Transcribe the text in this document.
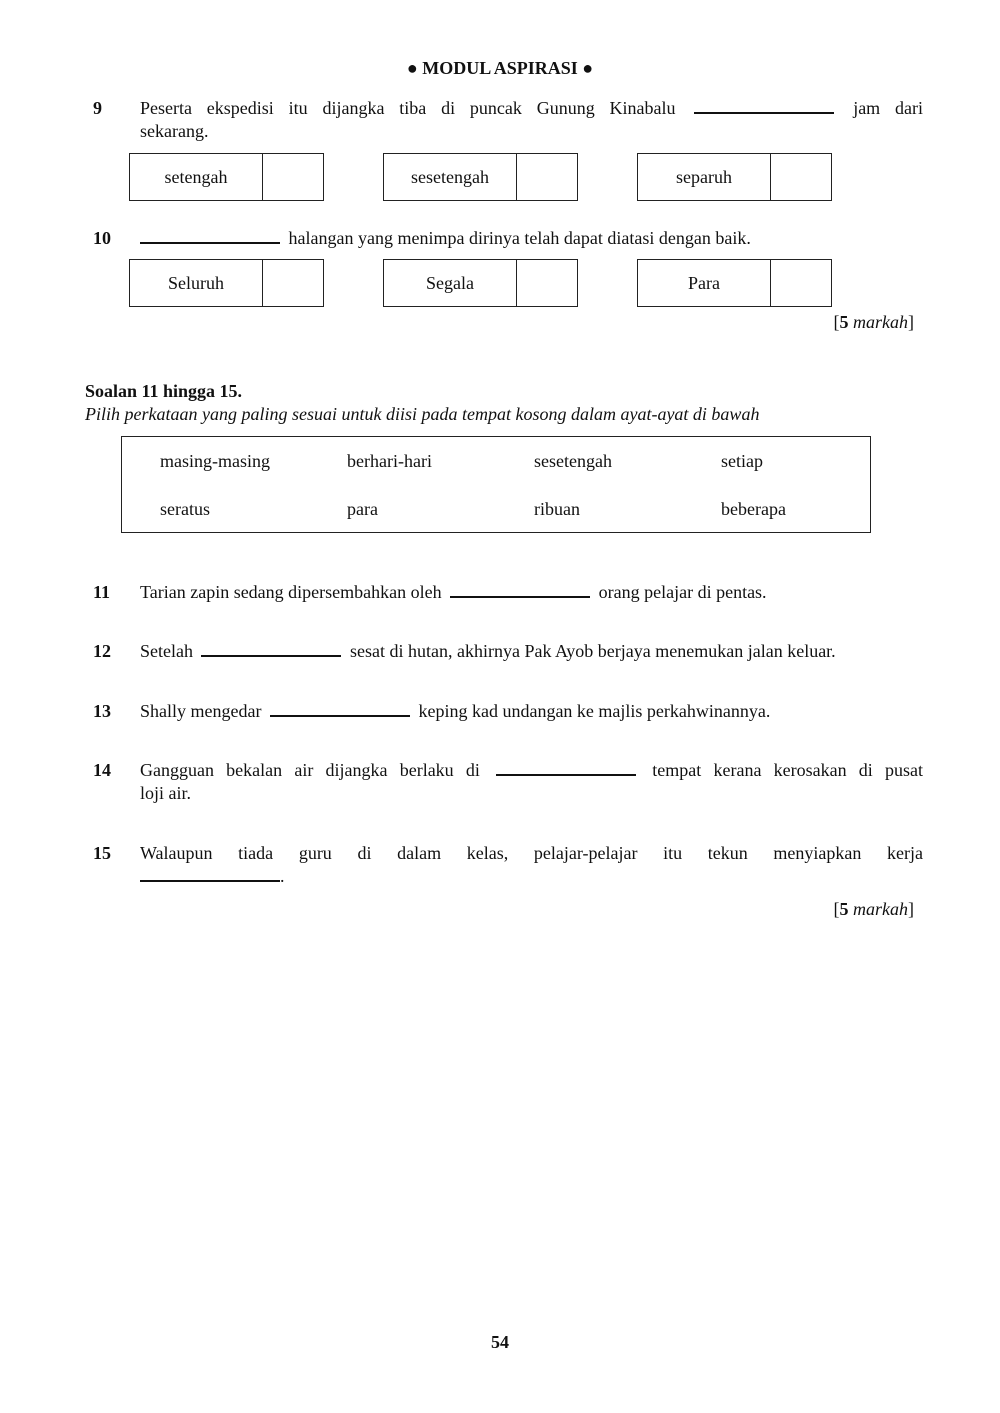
● MODUL ASPIRASI ●
9 Peserta ekspedisi itu dijangka tiba di puncak Gunung Kinabalu	jam dari
sekarang.
setengah	sesetengah	separuh
10	halangan yang menimpa dirinya telah dapat diatasi dengan baik.
Seluruh	Segala	Para
[5 markah]
Soalan 11 hingga 15.
Pilih perkataan yang paling sesuai untuk diisi pada tempat kosong dalam ayat-ayat di bawah
masing-masing	berhari-hari	sesetengah	setiap
seratus	para	ribuan	beberapa
11 Tarian zapin sedang dipersembahkan oleh	orang pelajar di pentas.
12 Setelah	sesat di hutan, akhirnya Pak Ayob berjaya menemukan jalan keluar.
13 Shally mengedar	keping kad undangan ke majlis perkahwinannya.
14 Gangguan bekalan air dijangka berlaku di	tempat kerana kerosakan di pusat
loji air.
15 Walaupun tiada guru di dalam kelas, pelajar-pelajar itu tekun menyiapkan kerja
.
[5 markah]
54
